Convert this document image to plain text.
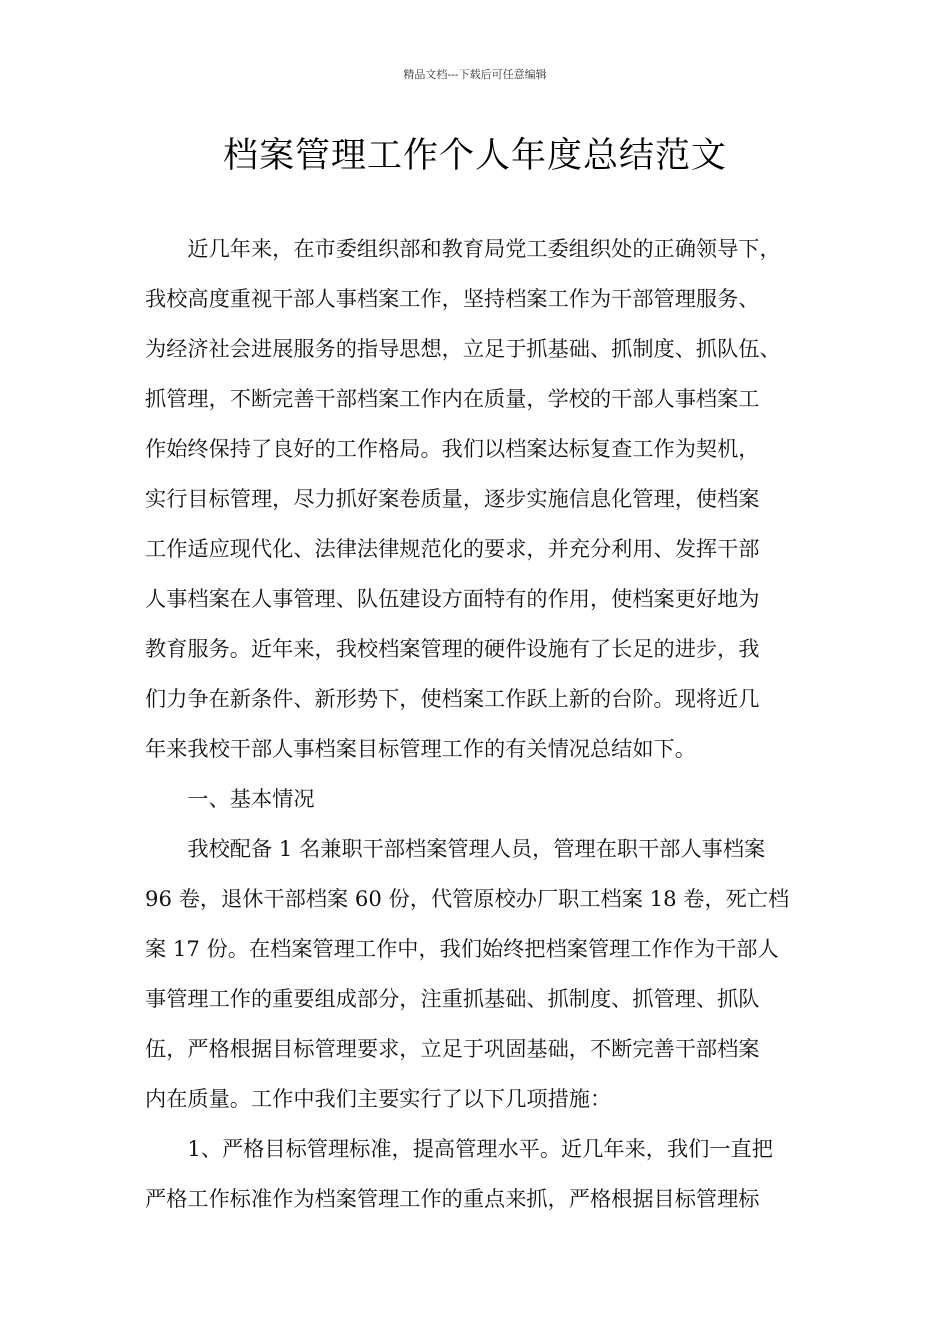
精品文档---下载后可任意编辑
档案管理工作个人年度总结范文
　　近几年来，在市委组织部和教育局党工委组织处的正确领导下，
我校高度重视干部人事档案工作，坚持档案工作为干部管理服务、
为经济社会进展服务的指导思想，立足于抓基础、抓制度、抓队伍、
抓管理，不断完善干部档案工作内在质量，学校的干部人事档案工
作始终保持了良好的工作格局。我们以档案达标复查工作为契机，
实行目标管理，尽力抓好案卷质量，逐步实施信息化管理，使档案
工作适应现代化、法律法律规范化的要求，并充分利用、发挥干部
人事档案在人事管理、队伍建设方面特有的作用，使档案更好地为
教育服务。近年来，我校档案管理的硬件设施有了长足的进步，我
们力争在新条件、新形势下，使档案工作跃上新的台阶。现将近几
年来我校干部人事档案目标管理工作的有关情况总结如下。
　　一、基本情况
　　我校配备 1 名兼职干部档案管理人员，管理在职干部人事档案
96 卷，退休干部档案 60 份，代管原校办厂职工档案 18 卷，死亡档
案 17 份。在档案管理工作中，我们始终把档案管理工作作为干部人
事管理工作的重要组成部分，注重抓基础、抓制度、抓管理、抓队
伍，严格根据目标管理要求，立足于巩固基础，不断完善干部档案
内在质量。工作中我们主要实行了以下几项措施：
　　1、严格目标管理标准，提高管理水平。近几年来，我们一直把
严格工作标准作为档案管理工作的重点来抓，严格根据目标管理标
